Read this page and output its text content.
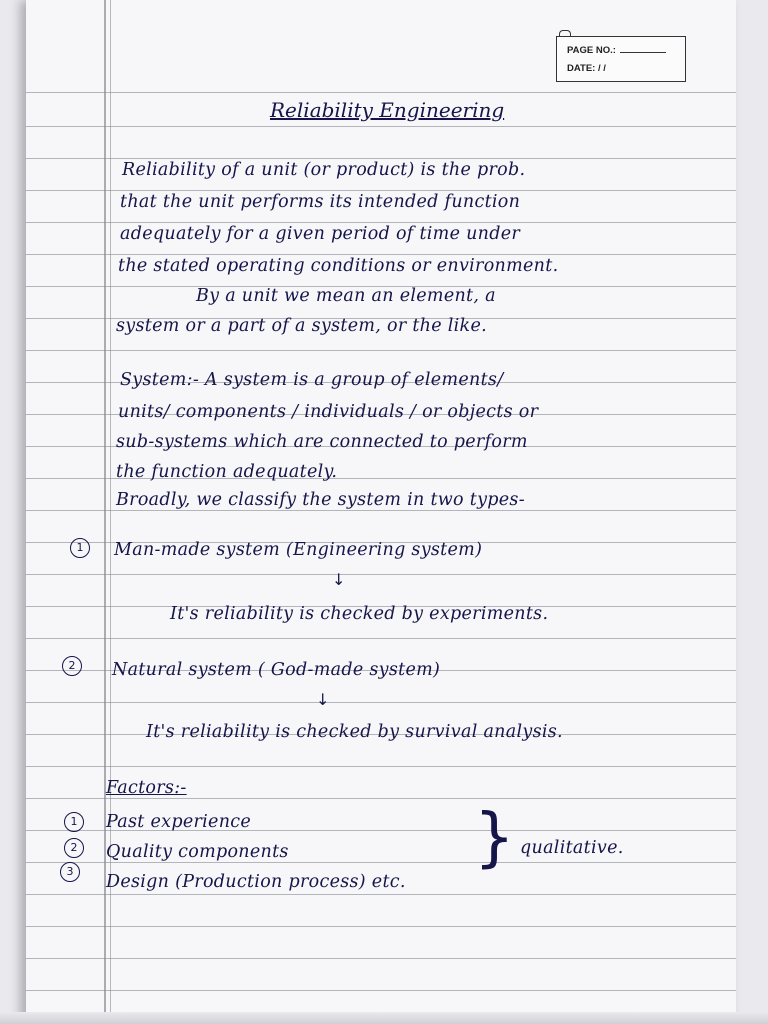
PAGE NO.:
DATE: / /
Reliability Engineering
Reliability of a unit (or product) is the prob.
that the unit performs its intended function
adequately for a given period of time under
the stated operating conditions or environment.
By a unit we mean an element, a
system or a part of a system, or the like.
System:- A system is a group of elements/
units/ components / individuals / or objects or
sub-systems which are connected to perform
the function adequately.
Broadly, we classify the system in two types-
1	Man-made system (Engineering system)
↓
It's reliability is checked by experiments.
2	Natural system ( God-made system)
↓
It's reliability is checked by survival analysis.
Factors:-
1	Past experience
2	Quality components
3
Design (Production process) etc.
} qualitative.
